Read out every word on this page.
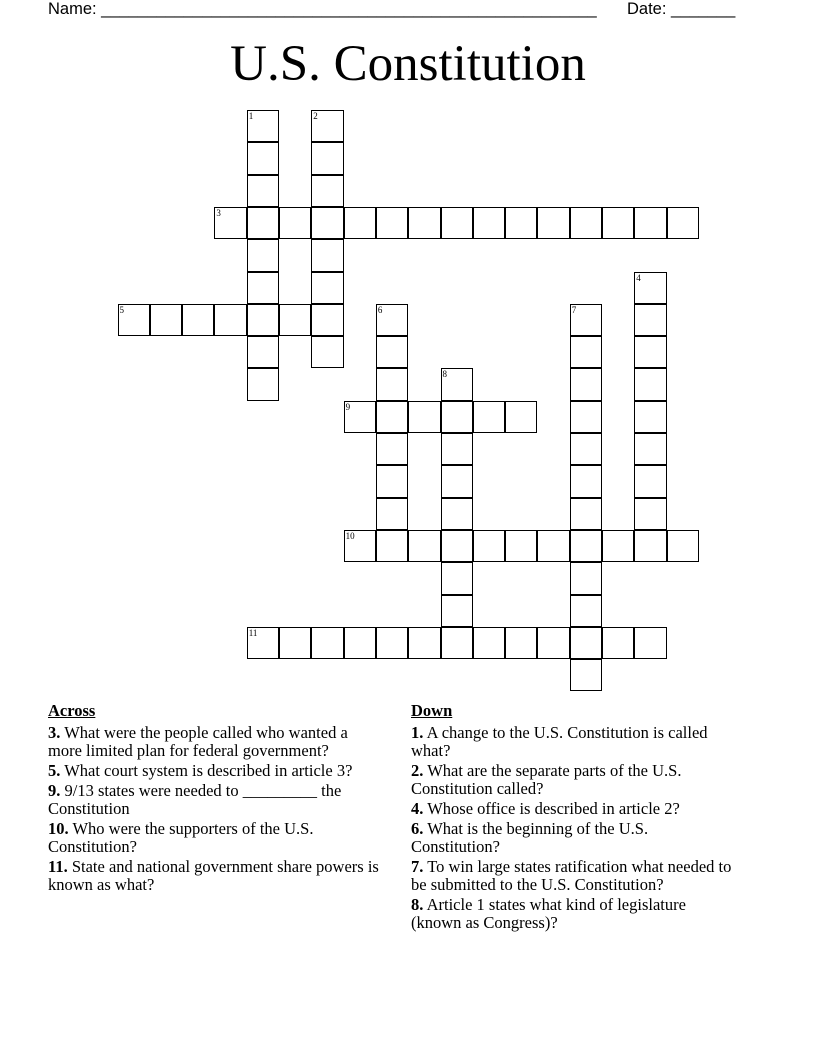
Name: ______________________________________________________ Date: _______
U.S. Constitution
1	2
3
4
5	6	7
8
9
10
11
Across
3. What were the people called who wanted a more limited plan for federal government?
5. What court system is described in article 3?
9. 9/13 states were needed to _________ the Constitution
10. Who were the supporters of the U.S. Constitution?
11. State and national government share powers is known as what?
Down
1. A change to the U.S. Constitution is called what?
2. What are the separate parts of the U.S. Constitution called?
4. Whose office is described in article 2?
6. What is the beginning of the U.S. Constitution?
7. To win large states ratification what needed to be submitted to the U.S. Constitution?
8. Article 1 states what kind of legislature (known as Congress)?
